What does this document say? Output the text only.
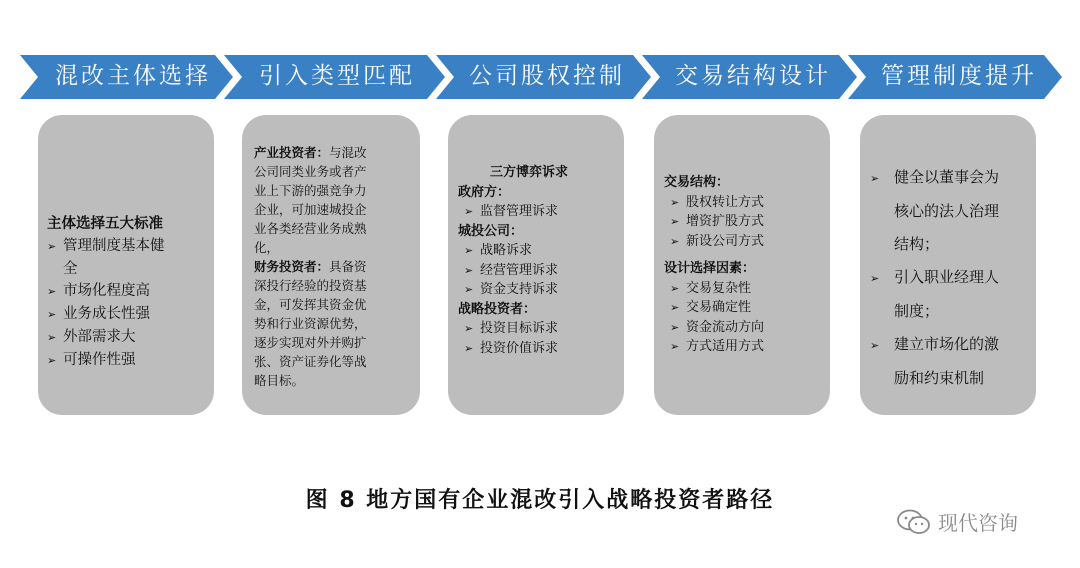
混改主体选择	引入类型匹配	公司股权控制	交易结构设计	管理制度提升
主体选择五大标准
➢ 管理制度基本健
全
➢ 市场化程度高
➢ 业务成长性强
➢ 外部需求大
➢ 可操作性强
产业投资者：与混改
公司同类业务或者产
业上下游的强竞争力
企业，可加速城投企
业各类经营业务成熟
化，
财务投资者：具备资
深投行经验的投资基
金，可发挥其资金优
势和行业资源优势，
逐步实现对外并购扩
张、资产证券化等战
略目标。
三方博弈诉求
政府方：
➢ 监督管理诉求
城投公司：
➢ 战略诉求
➢ 经营管理诉求
➢ 资金支持诉求
战略投资者：
➢ 投资目标诉求
➢ 投资价值诉求
交易结构：
➢ 股权转让方式
➢ 增资扩股方式
➢ 新设公司方式
设计选择因素：
➢ 交易复杂性
➢ 交易确定性
➢ 资金流动方向
➢ 方式适用方式
➢ 健全以董事会为
核心的法人治理
结构；
➢ 引入职业经理人
制度；
➢ 建立市场化的激
励和约束机制
图 8 地方国有企业混改引入战略投资者路径
现代咨询
